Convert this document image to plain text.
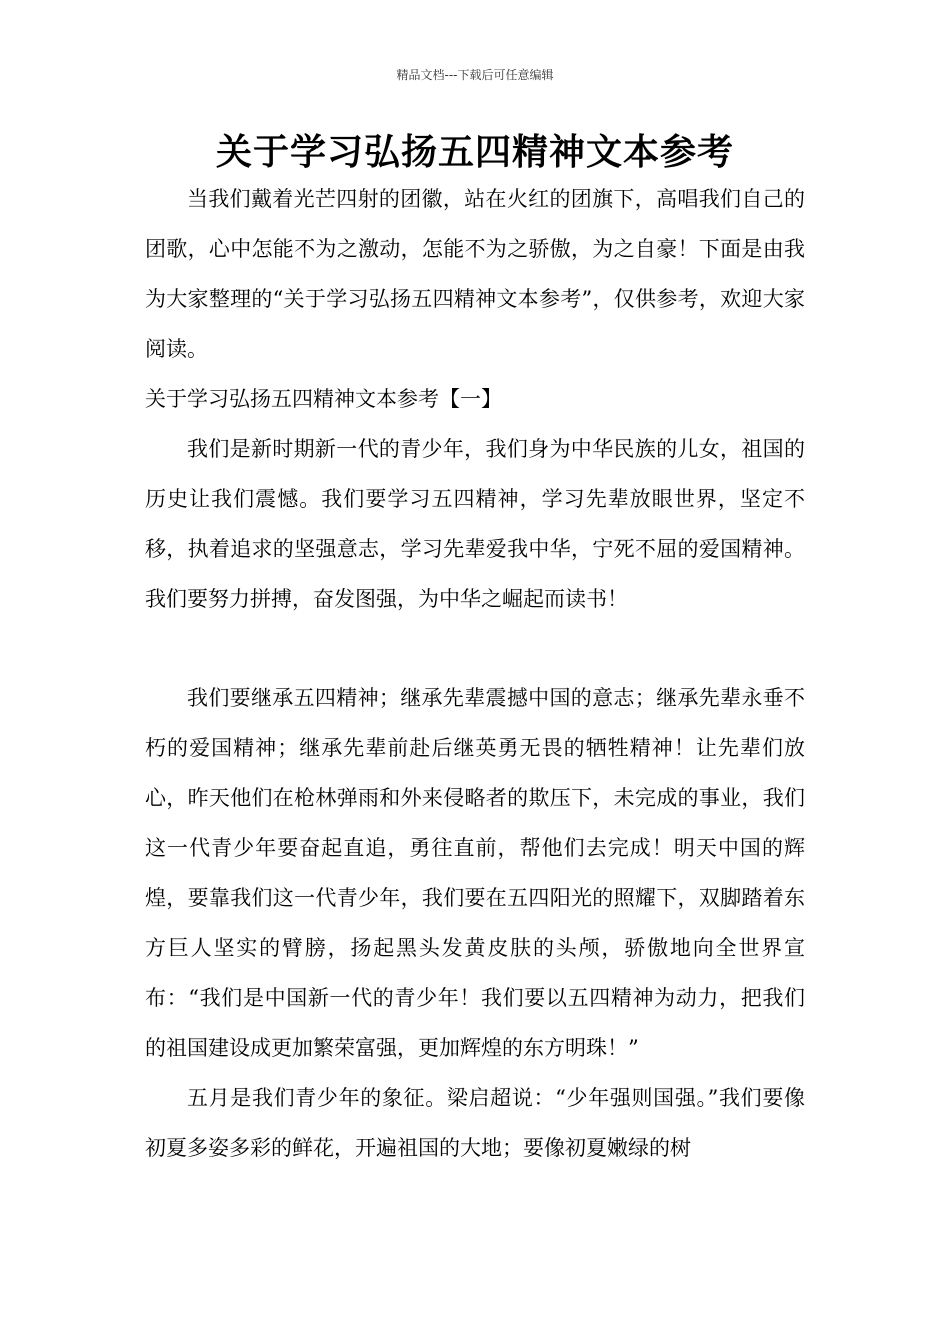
精品文档---下载后可任意编辑
关于学习弘扬五四精神文本参考

当我们戴着光芒四射的团徽，站在火红的团旗下，高唱我们自己的团歌，心中怎能不为之激动，怎能不为之骄傲，为之自豪！下面是由我为大家整理的“关于学习弘扬五四精神文本参考”，仅供参考，欢迎大家阅读。

关于学习弘扬五四精神文本参考【一】

我们是新时期新一代的青少年，我们身为中华民族的儿女，祖国的历史让我们震憾。我们要学习五四精神，学习先辈放眼世界，坚定不移，执着追求的坚强意志，学习先辈爱我中华，宁死不屈的爱国精神。我们要努力拼搏，奋发图强，为中华之崛起而读书！

我们要继承五四精神；继承先辈震撼中国的意志；继承先辈永垂不朽的爱国精神；继承先辈前赴后继英勇无畏的牺牲精神！让先辈们放心，昨天他们在枪林弹雨和外来侵略者的欺压下，未完成的事业，我们这一代青少年要奋起直追，勇往直前，帮他们去完成！明天中国的辉煌，要靠我们这一代青少年，我们要在五四阳光的照耀下，双脚踏着东方巨人坚实的臂膀，扬起黑头发黄皮肤的头颅，骄傲地向全世界宣布：“我们是中国新一代的青少年！我们要以五四精神为动力，把我们的祖国建设成更加繁荣富强，更加辉煌的东方明珠！”

五月是我们青少年的象征。梁启超说：“少年强则国强。”我们要像初夏多姿多彩的鲜花，开遍祖国的大地；要像初夏嫩绿的树
